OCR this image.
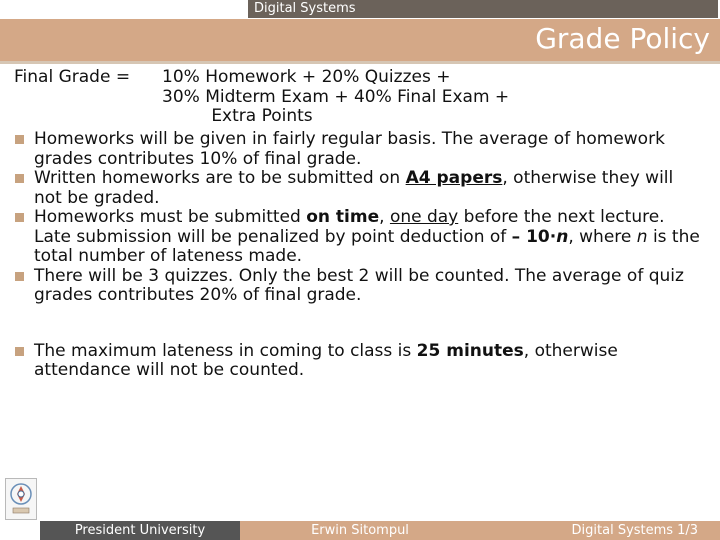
Digital Systems
Grade Policy
Final Grade = 10% Homework + 20% Quizzes +
30% Midterm Exam + 40% Final Exam +
Extra Points
Homeworks will be given in fairly regular basis. The average of homework grades contributes 10% of final grade.
Written homeworks are to be submitted on A4 papers, otherwise they will not be graded.
Homeworks must be submitted on time, one day before the next lecture. Late submission will be penalized by point deduction of – 10·n, where n is the total number of lateness made.
There will be 3 quizzes. Only the best 2 will be counted. The average of quiz grades contributes 20% of final grade.
The maximum lateness in coming to class is 25 minutes, otherwise attendance will not be counted.
President University	Erwin Sitompul	Digital Systems 1/3
